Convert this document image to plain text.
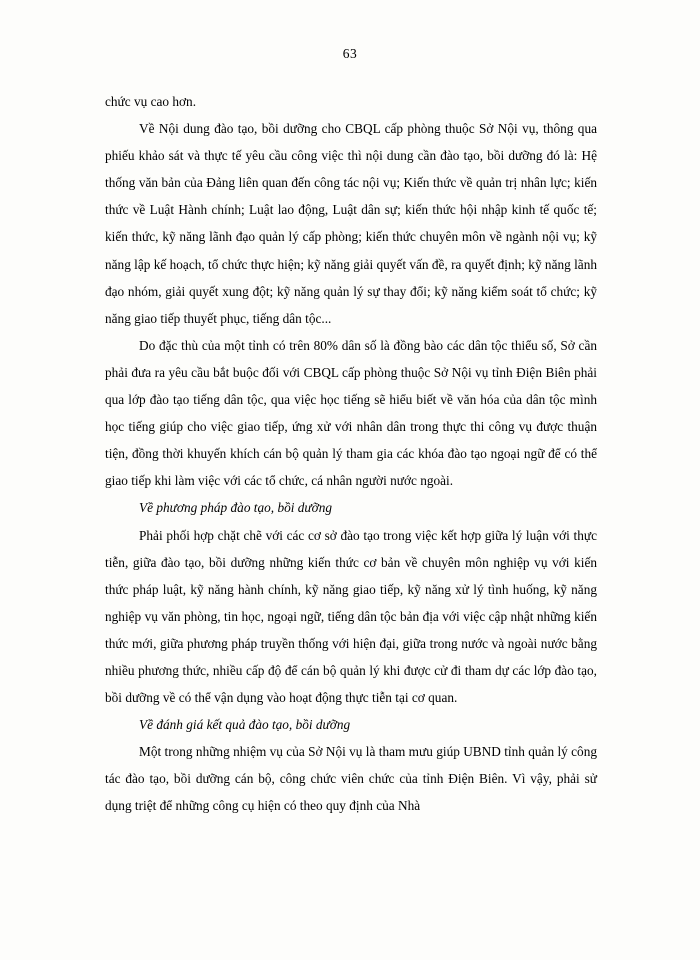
63

chức vụ cao hơn.

Về Nội dung đào tạo, bồi dưỡng cho CBQL cấp phòng thuộc Sở Nội vụ, thông qua phiếu khảo sát và thực tế yêu cầu công việc thì nội dung cần đào tạo, bồi dưỡng đó là: Hệ thống văn bản của Đảng liên quan đến công tác nội vụ; Kiến thức về quản trị nhân lực; kiến thức về Luật Hành chính; Luật lao động, Luật dân sự; kiến thức hội nhập kinh tế quốc tế; kiến thức, kỹ năng lãnh đạo quản lý cấp phòng; kiến thức chuyên môn về ngành nội vụ; kỹ năng lập kế hoạch, tổ chức thực hiện; kỹ năng giải quyết vấn đề, ra quyết định; kỹ năng lãnh đạo nhóm, giải quyết xung đột; kỹ năng quản lý sự thay đổi; kỹ năng kiểm soát tổ chức; kỹ năng giao tiếp thuyết phục, tiếng dân tộc...

Do đặc thù của một tỉnh có trên 80% dân số là đồng bào các dân tộc thiểu số, Sở cần phải đưa ra yêu cầu bắt buộc đối với CBQL cấp phòng thuộc Sở Nội vụ tỉnh Điện Biên phải qua lớp đào tạo tiếng dân tộc, qua việc học tiếng sẽ hiểu biết về văn hóa của dân tộc mình học tiếng giúp cho việc giao tiếp, ứng xử với nhân dân trong thực thi công vụ được thuận tiện, đồng thời khuyến khích cán bộ quản lý tham gia các khóa đào tạo ngoại ngữ để có thể giao tiếp khi làm việc với các tổ chức, cá nhân người nước ngoài.

Về phương pháp đào tạo, bồi dưỡng

Phải phối hợp chặt chẽ với các cơ sở đào tạo trong việc kết hợp giữa lý luận với thực tiễn, giữa đào tạo, bồi dưỡng những kiến thức cơ bản về chuyên môn nghiệp vụ với kiến thức pháp luật, kỹ năng hành chính, kỹ năng giao tiếp, kỹ năng xử lý tình huống, kỹ năng nghiệp vụ văn phòng, tin học, ngoại ngữ, tiếng dân tộc bản địa với việc cập nhật những kiến thức mới, giữa phương pháp truyền thống với hiện đại, giữa trong nước và ngoài nước bằng nhiều phương thức, nhiều cấp độ để cán bộ quản lý khi được cử đi tham dự các lớp đào tạo, bồi dưỡng về có thể vận dụng vào hoạt động thực tiễn tại cơ quan.

Về đánh giá kết quả đào tạo, bồi dưỡng

Một trong những nhiệm vụ của Sở Nội vụ là tham mưu giúp UBND tỉnh quản lý công tác đào tạo, bồi dưỡng cán bộ, công chức viên chức của tỉnh Điện Biên. Vì vậy, phải sử dụng triệt để những công cụ hiện có theo quy định của Nhà
